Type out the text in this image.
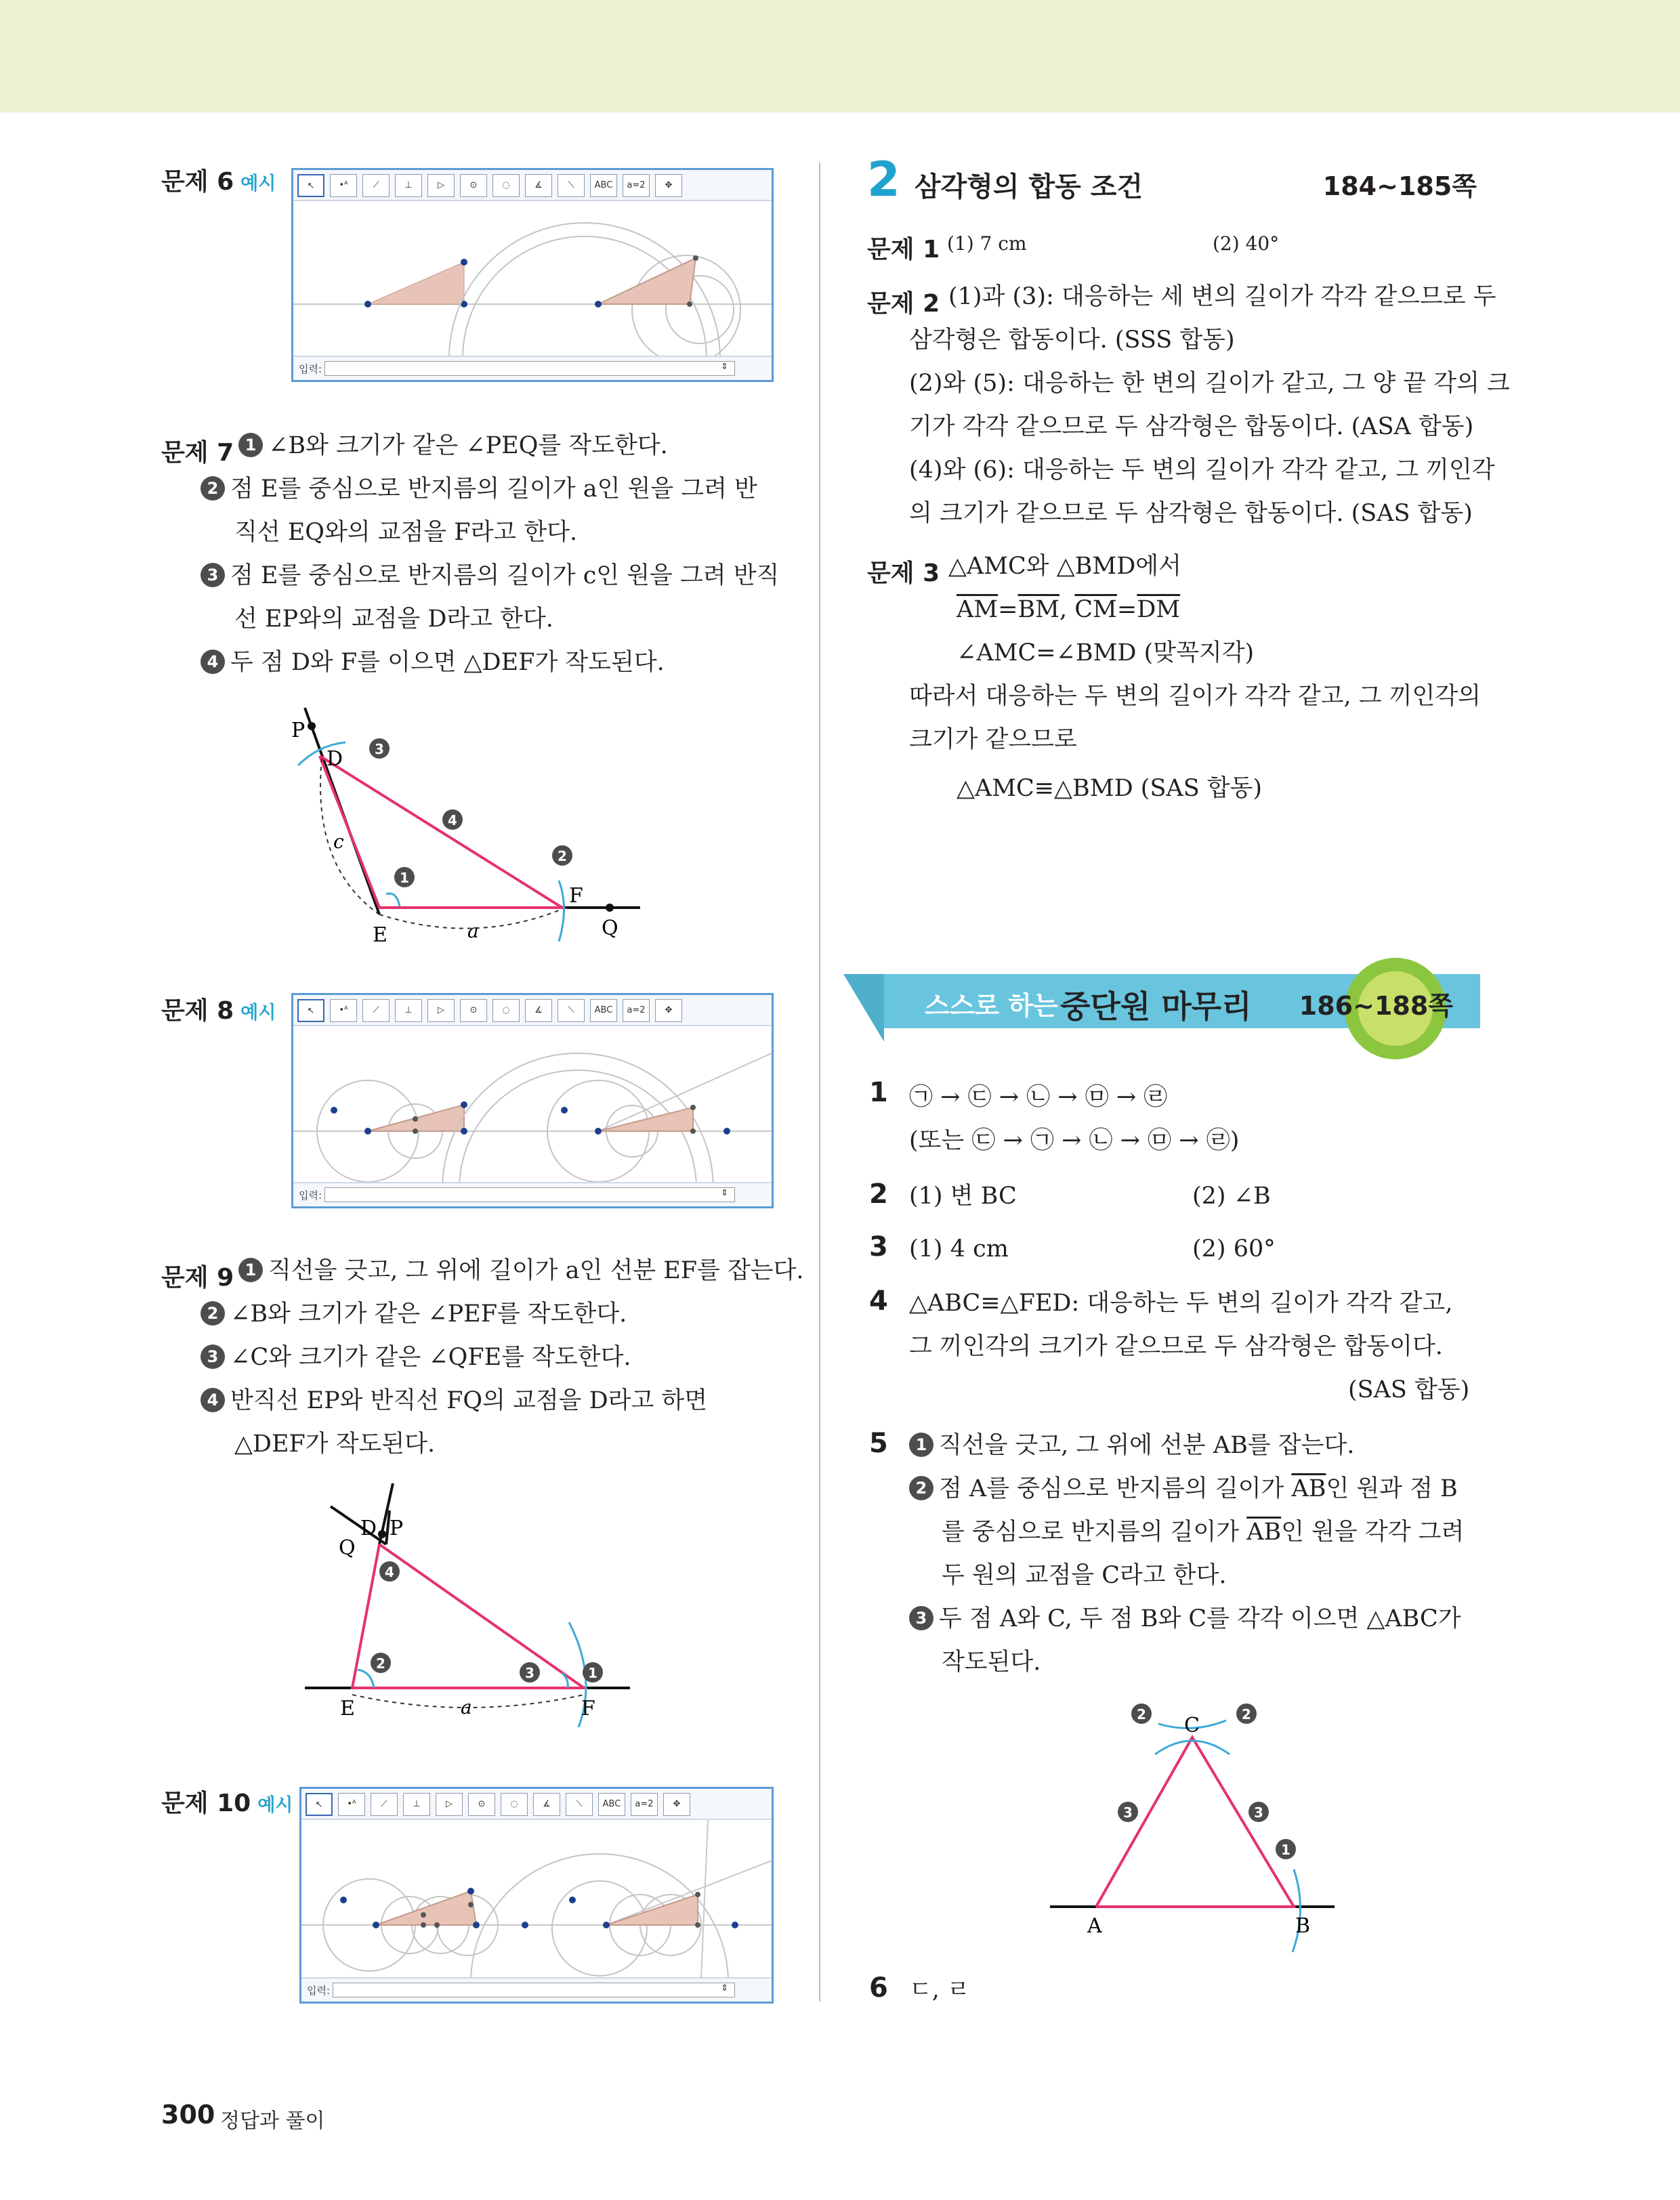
문제 6 예시	↖	•ᴬ	⟋	⊥	▷	⊙	◌	∡	⟍	ABC	a=2	✥
입력:	⇕
문제 7 1 ∠B와 크기가 같은 ∠PEQ를 작도한다.
2 점 E를 중심으로 반지름의 길이가 a인 원을 그려 반
직선 EQ와의 교점을 F라고 한다.
3 점 E를 중심으로 반지름의 길이가 c인 원을 그려 반직
선 EP와의 교점을 D라고 한다.
4 두 점 D와 F를 이으면 △DEF가 작도된다.
P
D
E
F
Q
a
c
3
4
2
1
문제 8 예시	↖	•ᴬ	⟋	⊥	▷	⊙	◌	∡	⟍	ABC	a=2	✥
입력:	⇕
문제 9 1 직선을 긋고, 그 위에 길이가 a인 선분 EF를 잡는다.
2 ∠B와 크기가 같은 ∠PEF를 작도한다.
3 ∠C와 크기가 같은 ∠QFE를 작도한다.
4 반직선 EP와 반직선 FQ의 교점을 D라고 하면
△DEF가 작도된다.
D P
Q
E	F
a
4
2
3	1
문제 10 예시	↖	•ᴬ	⟋	⊥	▷	⊙	◌	∡	⟍	ABC	a=2	✥
입력:	⇕
2 삼각형의 합동 조건	184~185쪽
문제 1 (1) 7 cm	(2) 40°
문제 2 (1)과 (3): 대응하는 세 변의 길이가 각각 같으므로 두
삼각형은 합동이다. (SSS 합동)
(2)와 (5): 대응하는 한 변의 길이가 같고, 그 양 끝 각의 크
기가 각각 같으므로 두 삼각형은 합동이다. (ASA 합동)
(4)와 (6): 대응하는 두 변의 길이가 각각 같고, 그 끼인각
의 크기가 같으므로 두 삼각형은 합동이다. (SAS 합동)
문제 3 △AMC와 △BMD에서
$\overline{AM}=\overline{BM}$, $\overline{CM}=\overline{DM}$
∠AMC=∠BMD (맞꼭지각)
따라서 대응하는 두 변의 길이가 각각 같고, 그 끼인각의
크기가 같으므로
△AMC≡△BMD (SAS 합동)
스스로 하는 중단원 마무리 186~188쪽
1 ㉠ → ㉢ → ㉡ → ㉤ → ㉣
(또는 ㉢ → ㉠ → ㉡ → ㉤ → ㉣)
2 (1) 변 BC	(2) ∠B
3 (1) 4 cm	(2) 60°
4 △ABC≡△FED: 대응하는 두 변의 길이가 각각 같고,
그 끼인각의 크기가 같으므로 두 삼각형은 합동이다.
(SAS 합동)
5	1 직선을 긋고, 그 위에 선분 AB를 잡는다.
2 점 A를 중심으로 반지름의 길이가 $\overline{AB}$인 원과 점 B
를 중심으로 반지름의 길이가 $\overline{AB}$인 원을 각각 그려
두 원의 교점을 C라고 한다.
3 두 점 A와 C, 두 점 B와 C를 각각 이으면 △ABC가
작도된다.
A	B
C
2	2
3	3
1
6 ㄷ, ㄹ
300 정답과 풀이
